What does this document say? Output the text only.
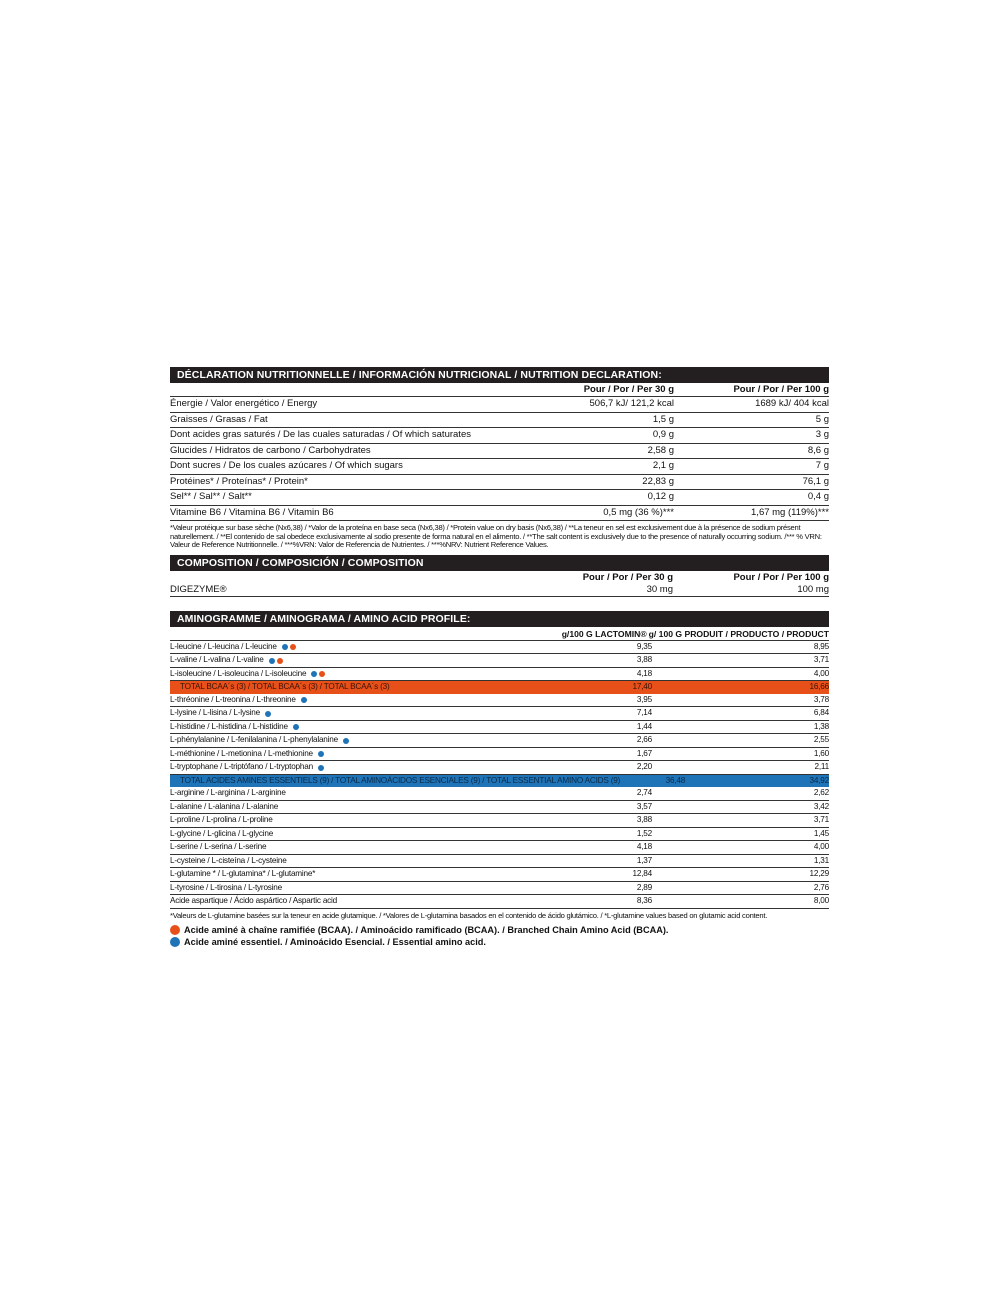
DÉCLARATION NUTRITIONNELLE / INFORMACIÓN NUTRICIONAL / NUTRITION DECLARATION:
Pour / Por / Per 30 g	Pour / Por / Per 100 g
Énergie / Valor energético / Energy	506,7 kJ/ 121,2 kcal	1689 kJ/ 404 kcal
Graisses / Grasas / Fat	1,5 g	5 g
Dont acides gras saturés / De las cuales saturadas / Of which saturates	0,9 g	3 g
Glucides / Hidratos de carbono / Carbohydrates	2,58 g	8,6 g
Dont sucres / De los cuales azúcares / Of which sugars	2,1 g	7 g
Protéines* / Proteínas* / Protein*	22,83 g	76,1 g
Sel** / Sal** / Salt**	0,12 g	0,4 g
Vitamine B6 / Vitamina B6 / Vitamin B6	0,5 mg (36 %)***	1,67 mg (119%)***
*Valeur protéique sur base sèche (Nx6,38) / *Valor de la proteína en base seca (Nx6,38) / *Protein value on dry basis (Nx6,38) / **La teneur en sel est exclusivement due à la présence de sodium présent naturellement. / **El contenido de sal obedece exclusivamente al sodio presente de forma natural en el alimento. / **The salt content is exclusively due to the presence of naturally occurring sodium. /*** % VRN: Valeur de Reference Nutritionnelle. / ***%VRN: Valor de Referencia de Nutrientes. / ***%NRV: Nutrient Reference Values.
COMPOSITION / COMPOSICIÓN / COMPOSITION
Pour / Por / Per 30 g	Pour / Por / Per 100 g
DIGEZYME®	30 mg	100 mg
AMINOGRAMME / AMINOGRAMA / AMINO ACID PROFILE:
g/100 G LACTOMIN® g/ 100 G PRODUIT / PRODUCTO / PRODUCT
L-leucine / L-leucina / L-leucine	9,35	8,95
L-valine / L-valina / L-valine	3,88	3,71
L-isoleucine / L-isoleucina / L-isoleucine	4,18	4,00
TOTAL BCAA´s (3) / TOTAL BCAA´s (3) / TOTAL BCAA´s (3)	17,40	16,66
L-thréonine / L-treonina / L-threonine	3,95	3,78
L-lysine / L-lisina / L-lysine	7,14	6,84
L-histidine / L-histidina / L-histidine	1,44	1,38
L-phénylalanine / L-fenilalanina / L-phenylalanine	2,66	2,55
L-méthionine / L-metionina / L-methionine	1,67	1,60
L-tryptophane / L-triptófano / L-tryptophan	2,20	2,11
TOTAL ACIDES AMINES ESSENTIELS (9) / TOTAL AMINOÁCIDOS ESENCIALES (9) / TOTAL ESSENTIAL AMINO ACIDS (9)	36,48	34,92
L-arginine / L-arginina / L-arginine	2,74	2,62
L-alanine / L-alanina / L-alanine	3,57	3,42
L-proline / L-prolina / L-proline	3,88	3,71
L-glycine / L-glicina / L-glycine	1,52	1,45
L-serine / L-serina / L-serine	4,18	4,00
L-cysteine / L-cisteína / L-cysteine	1,37	1,31
L-glutamine * / L-glutamina* / L-glutamine*	12,84	12,29
L-tyrosine / L-tirosina / L-tyrosine	2,89	2,76
Acide aspartique / Ácido aspártico / Aspartic acid	8,36	8,00
*Valeurs de L-glutamine basées sur la teneur en acide glutamique. / *Valores de L-glutamina basados en el contenido de ácido glutámico. / *L-glutamine values based on glutamic acid content.
Acide aminé à chaîne ramifiée (BCAA). / Aminoácido ramificado (BCAA). / Branched Chain Amino Acid (BCAA).
Acide aminé essentiel. / Aminoácido Esencial. / Essential amino acid.
